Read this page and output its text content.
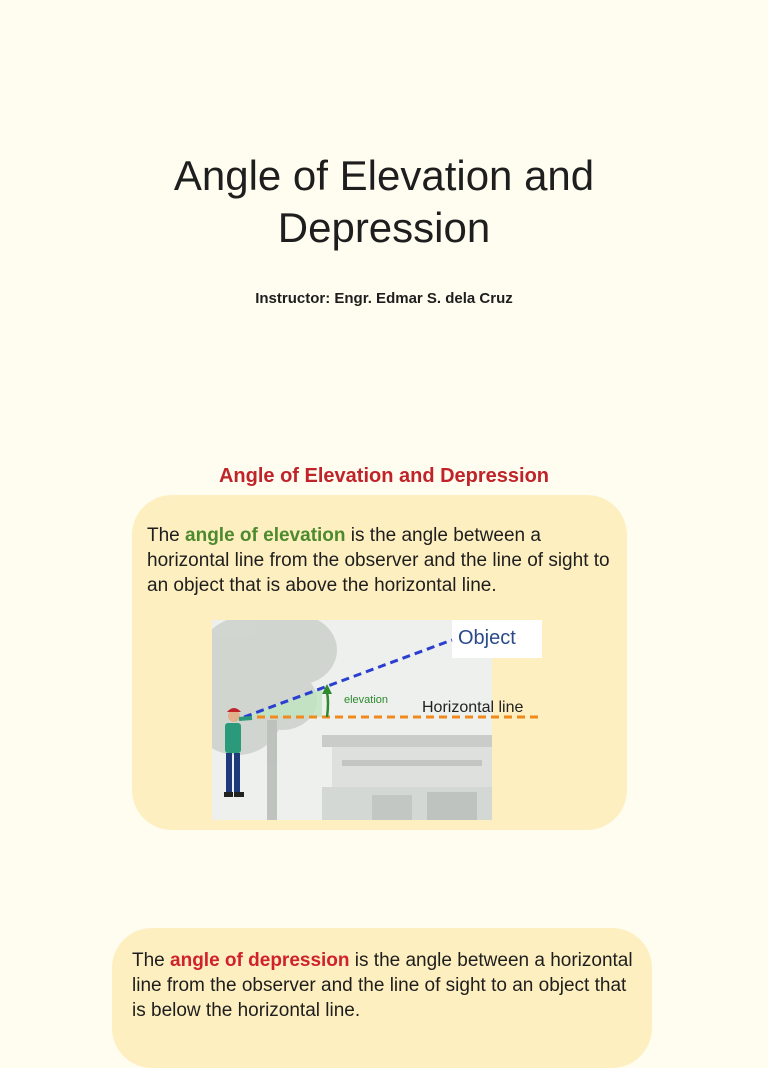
Angle of Elevation and
Depression
Instructor: Engr. Edmar S. dela Cruz
Angle of Elevation and Depression
The angle of elevation is the angle between a horizontal line from the observer and the line of sight to an object that is above the horizontal line.
Object
elevation Horizontal line
The angle of depression is the angle between a horizontal line from the observer and the line of sight to an object that is below the horizontal line.
